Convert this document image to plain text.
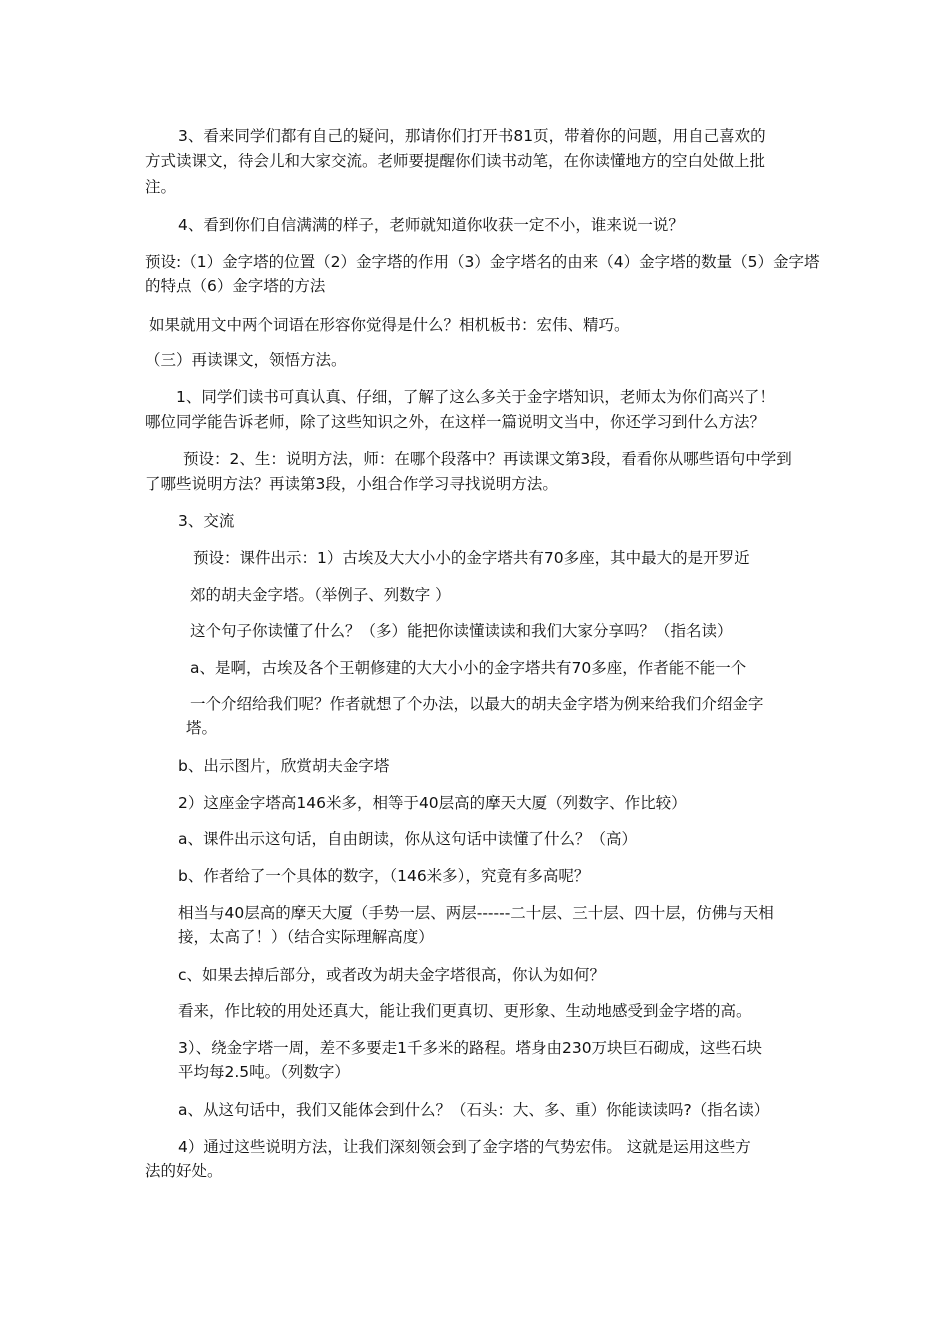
3、看来同学们都有自己的疑问，那请你们打开书81页，带着你的问题，用自己喜欢的
方式读课文，待会儿和大家交流。老师要提醒你们读书动笔，在你读懂地方的空白处做上批
注。
4、看到你们自信满满的样子，老师就知道你收获一定不小，谁来说一说？
预设:（1）金字塔的位置（2）金字塔的作用（3）金字塔名的由来（4）金字塔的数量（5）金字塔
的特点（6）金字塔的方法
如果就用文中两个词语在形容你觉得是什么？相机板书：宏伟、精巧。
（三）再读课文，领悟方法。
1、同学们读书可真认真、仔细，了解了这么多关于金字塔知识，老师太为你们高兴了！
哪位同学能告诉老师，除了这些知识之外，在这样一篇说明文当中，你还学习到什么方法？
预设：2、生：说明方法，师：在哪个段落中？再读课文第3段，看看你从哪些语句中学到
了哪些说明方法？再读第3段，小组合作学习寻找说明方法。
3、交流
预设：课件出示：1）古埃及大大小小的金字塔共有70多座，其中最大的是开罗近
郊的胡夫金字塔。（举例子、列数字 ）
这个句子你读懂了什么？（多）能把你读懂读读和我们大家分享吗？（指名读）
a、是啊，古埃及各个王朝修建的大大小小的金字塔共有70多座，作者能不能一个
一个介绍给我们呢？作者就想了个办法，以最大的胡夫金字塔为例来给我们介绍金字
塔。
b、出示图片，欣赏胡夫金字塔
2）这座金字塔高146米多，相等于40层高的摩天大厦（列数字、作比较）
a、课件出示这句话，自由朗读，你从这句话中读懂了什么？（高）
b、作者给了一个具体的数字，（146米多），究竟有多高呢？
相当与40层高的摩天大厦（手势一层、两层------二十层、三十层、四十层，仿佛与天相
接，太高了！）（结合实际理解高度）
c、如果去掉后部分，或者改为胡夫金字塔很高，你认为如何？
看来，作比较的用处还真大，能让我们更真切、更形象、生动地感受到金字塔的高。
3）、绕金字塔一周，差不多要走1千多米的路程。塔身由230万块巨石砌成，这些石块
平均每2.5吨。（列数字）
a、从这句话中，我们又能体会到什么？（石头：大、多、重）你能读读吗?（指名读）
4）通过这些说明方法，让我们深刻领会到了金字塔的气势宏伟。 这就是运用这些方
法的好处。
